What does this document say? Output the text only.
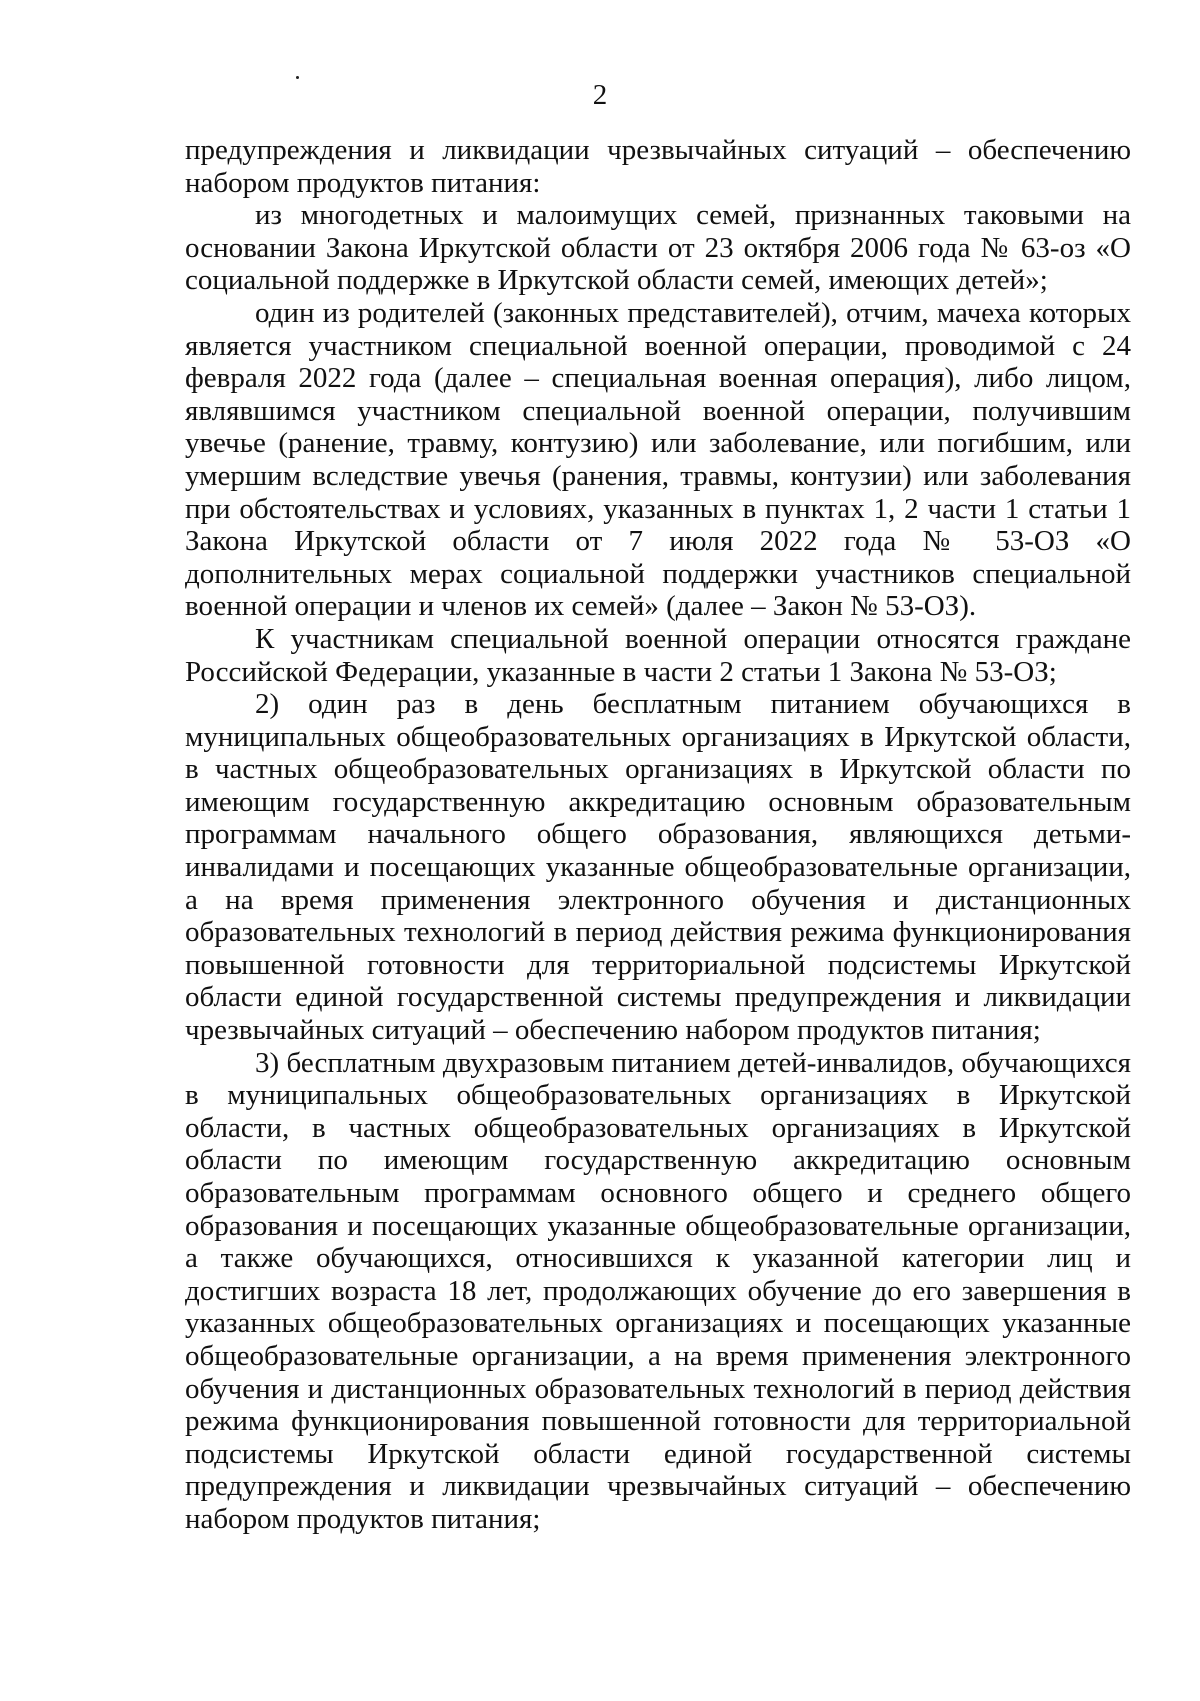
2

предупреждения и ликвидации чрезвычайных ситуаций – обеспечению набором продуктов питания:

из многодетных и малоимущих семей, признанных таковыми на основании Закона Иркутской области от 23 октября 2006 года № 63-оз «О социальной поддержке в Иркутской области семей, имеющих детей»;

один из родителей (законных представителей), отчим, мачеха которых является участником специальной военной операции, проводимой с 24 февраля 2022 года (далее – специальная военная операция), либо лицом, являвшимся участником специальной военной операции, получившим увечье (ранение, травму, контузию) или заболевание, или погибшим, или умершим вследствие увечья (ранения, травмы, контузии) или заболевания при обстоятельствах и условиях, указанных в пунктах 1, 2 части 1 статьи 1 Закона Иркутской области от 7 июля 2022 года № 53-ОЗ «О дополнительных мерах социальной поддержки участников специальной военной операции и членов их семей» (далее – Закон № 53-ОЗ).

К участникам специальной военной операции относятся граждане Российской Федерации, указанные в части 2 статьи 1 Закона № 53-ОЗ;

2) один раз в день бесплатным питанием обучающихся в муниципальных общеобразовательных организациях в Иркутской области, в частных общеобразовательных организациях в Иркутской области по имеющим государственную аккредитацию основным образовательным программам начального общего образования, являющихся детьми-инвалидами и посещающих указанные общеобразовательные организации, а на время применения электронного обучения и дистанционных образовательных технологий в период действия режима функционирования повышенной готовности для территориальной подсистемы Иркутской области единой государственной системы предупреждения и ликвидации чрезвычайных ситуаций – обеспечению набором продуктов питания;

3) бесплатным двухразовым питанием детей-инвалидов, обучающихся в муниципальных общеобразовательных организациях в Иркутской области, в частных общеобразовательных организациях в Иркутской области по имеющим государственную аккредитацию основным образовательным программам основного общего и среднего общего образования и посещающих указанные общеобразовательные организации, а также обучающихся, относившихся к указанной категории лиц и достигших возраста 18 лет, продолжающих обучение до его завершения в указанных общеобразовательных организациях и посещающих указанные общеобразовательные организации, а на время применения электронного обучения и дистанционных образовательных технологий в период действия режима функционирования повышенной готовности для территориальной подсистемы Иркутской области единой государственной системы предупреждения и ликвидации чрезвычайных ситуаций – обеспечению набором продуктов питания;
